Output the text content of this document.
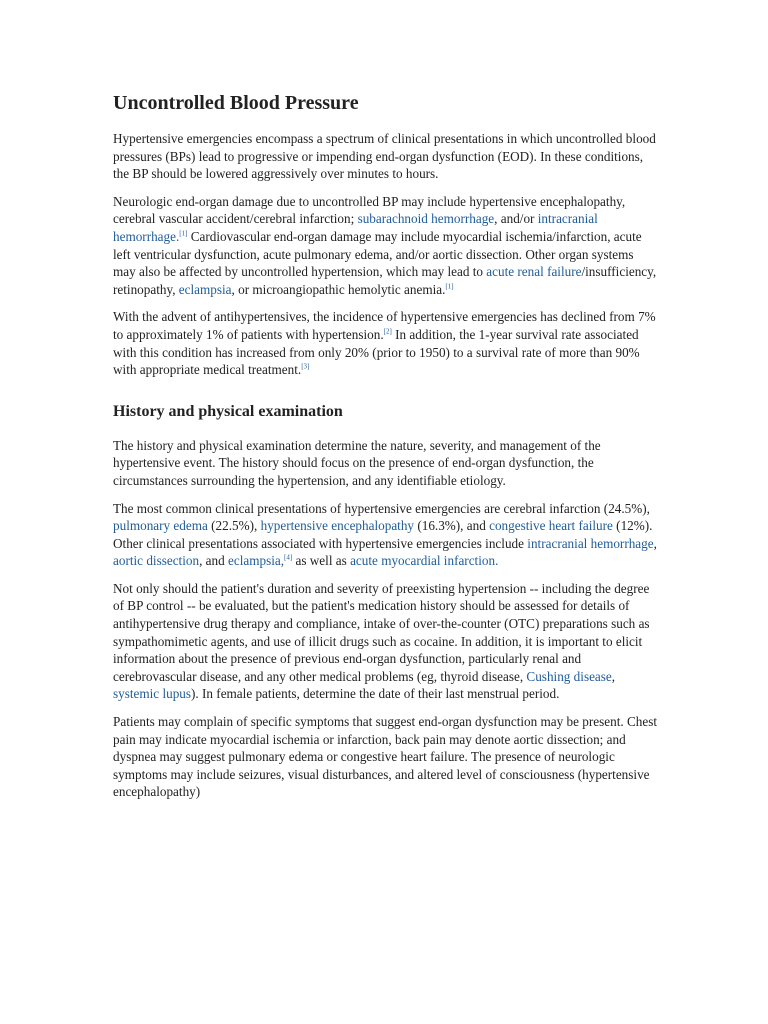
Uncontrolled Blood Pressure

Hypertensive emergencies encompass a spectrum of clinical presentations in which uncontrolled blood pressures (BPs) lead to progressive or impending end-organ dysfunction (EOD). In these conditions, the BP should be lowered aggressively over minutes to hours.

Neurologic end-organ damage due to uncontrolled BP may include hypertensive encephalopathy, cerebral vascular accident/cerebral infarction; subarachnoid hemorrhage, and/or intracranial hemorrhage.[1] Cardiovascular end-organ damage may include myocardial ischemia/infarction, acute left ventricular dysfunction, acute pulmonary edema, and/or aortic dissection. Other organ systems may also be affected by uncontrolled hypertension, which may lead to acute renal failure/insufficiency, retinopathy, eclampsia, or microangiopathic hemolytic anemia.[1]

With the advent of antihypertensives, the incidence of hypertensive emergencies has declined from 7% to approximately 1% of patients with hypertension.[2] In addition, the 1-year survival rate associated with this condition has increased from only 20% (prior to 1950) to a survival rate of more than 90% with appropriate medical treatment.[3]

History and physical examination

The history and physical examination determine the nature, severity, and management of the hypertensive event. The history should focus on the presence of end-organ dysfunction, the circumstances surrounding the hypertension, and any identifiable etiology.

The most common clinical presentations of hypertensive emergencies are cerebral infarction (24.5%), pulmonary edema (22.5%), hypertensive encephalopathy (16.3%), and congestive heart failure (12%). Other clinical presentations associated with hypertensive emergencies include intracranial hemorrhage, aortic dissection, and eclampsia,[4] as well as acute myocardial infarction.

Not only should the patient's duration and severity of preexisting hypertension -- including the degree of BP control -- be evaluated, but the patient's medication history should be assessed for details of antihypertensive drug therapy and compliance, intake of over-the-counter (OTC) preparations such as sympathomimetic agents, and use of illicit drugs such as cocaine. In addition, it is important to elicit information about the presence of previous end-organ dysfunction, particularly renal and cerebrovascular disease, and any other medical problems (eg, thyroid disease, Cushing disease, systemic lupus). In female patients, determine the date of their last menstrual period.

Patients may complain of specific symptoms that suggest end-organ dysfunction may be present. Chest pain may indicate myocardial ischemia or infarction, back pain may denote aortic dissection; and dyspnea may suggest pulmonary edema or congestive heart failure. The presence of neurologic symptoms may include seizures, visual disturbances, and altered level of consciousness (hypertensive encephalopathy)
